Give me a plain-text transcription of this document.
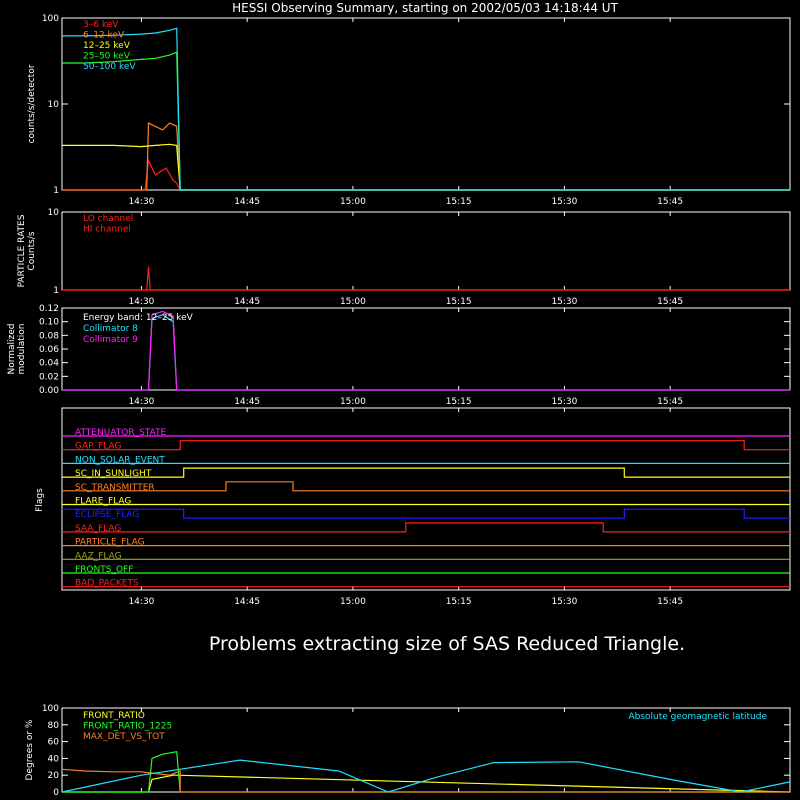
HESSI Observing Summary, starting on 2002/05/03 14:18:44 UT
counts/s/detector
1
10
100
14:30	14:45	15:00	15:15	15:30	15:45
3–6 keV
6–12 keV
12–25 keV
25–50 keV
50–100 keV
PARTICLE RATES Counts/s
1
10
14:30	14:45	15:00	15:15	15:30	15:45
LO channel
HI channel
Normalized modulation
0.00
0.02
0.04
0.06
0.08
0.10
0.12
14:30	14:45	15:00	15:15	15:30	15:45
Energy band: 12–25 keV
Collimator 8
Collimator 9
Flags
14:30	14:45	15:00	15:15	15:30	15:45
ATTENUATOR_STATE
GAP_FLAG
NON_SOLAR_EVENT
SC_IN_SUNLIGHT
SC_TRANSMITTER
FLARE_FLAG
ECLIPSE_FLAG
SAA_FLAG
PARTICLE_FLAG
AAZ_FLAG
FRONTS_OFF
BAD_PACKETS
Problems extracting size of SAS Reduced Triangle.
Degrees or %
0
20
40
60
80
100
FRONT_RATIO
FRONT_RATIO_1225
MAX_DET_VS_TOT
Absolute geomagnetic latitude
